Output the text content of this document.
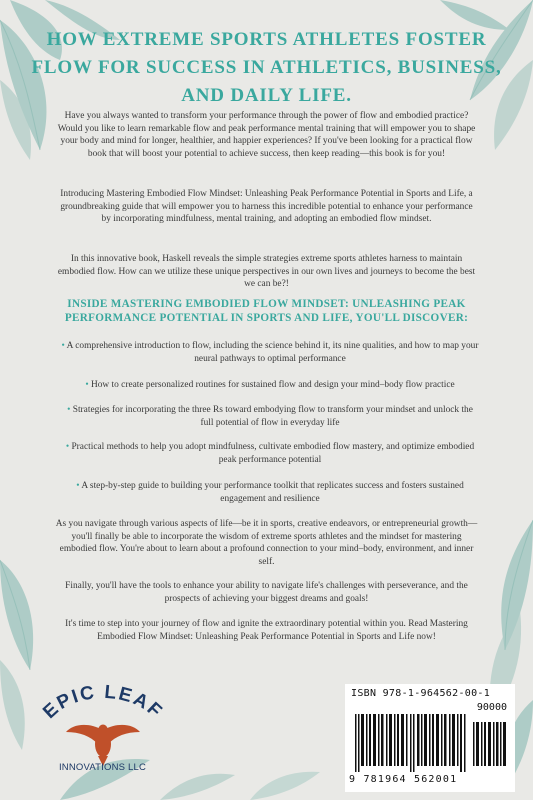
HOW EXTREME SPORTS ATHLETES FOSTER FLOW FOR SUCCESS IN ATHLETICS, BUSINESS, AND DAILY LIFE.

Have you always wanted to transform your performance through the power of flow and embodied practice? Would you like to learn remarkable flow and peak performance mental training that will empower you to shape your body and mind for longer, healthier, and happier experiences? If you've been looking for a practical flow book that will boost your potential to achieve success, then keep reading—this book is for you!

Introducing Mastering Embodied Flow Mindset: Unleashing Peak Performance Potential in Sports and Life, a groundbreaking guide that will empower you to harness this incredible potential to enhance your performance by incorporating mindfulness, mental training, and adopting an embodied flow mindset.

In this innovative book, Haskell reveals the simple strategies extreme sports athletes harness to maintain embodied flow. How can we utilize these unique perspectives in our own lives and journeys to become the best we can be?!

INSIDE MASTERING EMBODIED FLOW MINDSET: UNLEASHING PEAK PERFORMANCE POTENTIAL IN SPORTS AND LIFE, YOU'LL DISCOVER:
• A comprehensive introduction to flow, including the science behind it, its nine qualities, and how to map your neural pathways to optimal performance
• How to create personalized routines for sustained flow and design your mind–body flow practice
• Strategies for incorporating the three Rs toward embodying flow to transform your mindset and unlock the full potential of flow in everyday life
• Practical methods to help you adopt mindfulness, cultivate embodied flow mastery, and optimize embodied peak performance potential
• A step-by-step guide to building your performance toolkit that replicates success and fosters sustained engagement and resilience

As you navigate through various aspects of life—be it in sports, creative endeavors, or entrepreneurial growth—you'll finally be able to incorporate the wisdom of extreme sports athletes and the mindset for mastering embodied flow. You're about to learn about a profound connection to your mind–body, environment, and inner self.

Finally, you'll have the tools to enhance your ability to navigate life's challenges with perseverance, and the prospects of achieving your biggest dreams and goals!

It's time to step into your journey of flow and ignite the extraordinary potential within you. Read Mastering Embodied Flow Mindset: Unleashing Peak Performance Potential in Sports and Life now!

EPIC LEAF
INNOVATIONS LLC
ISBN 978-1-964562-00-1
90000
9 781964 562001
